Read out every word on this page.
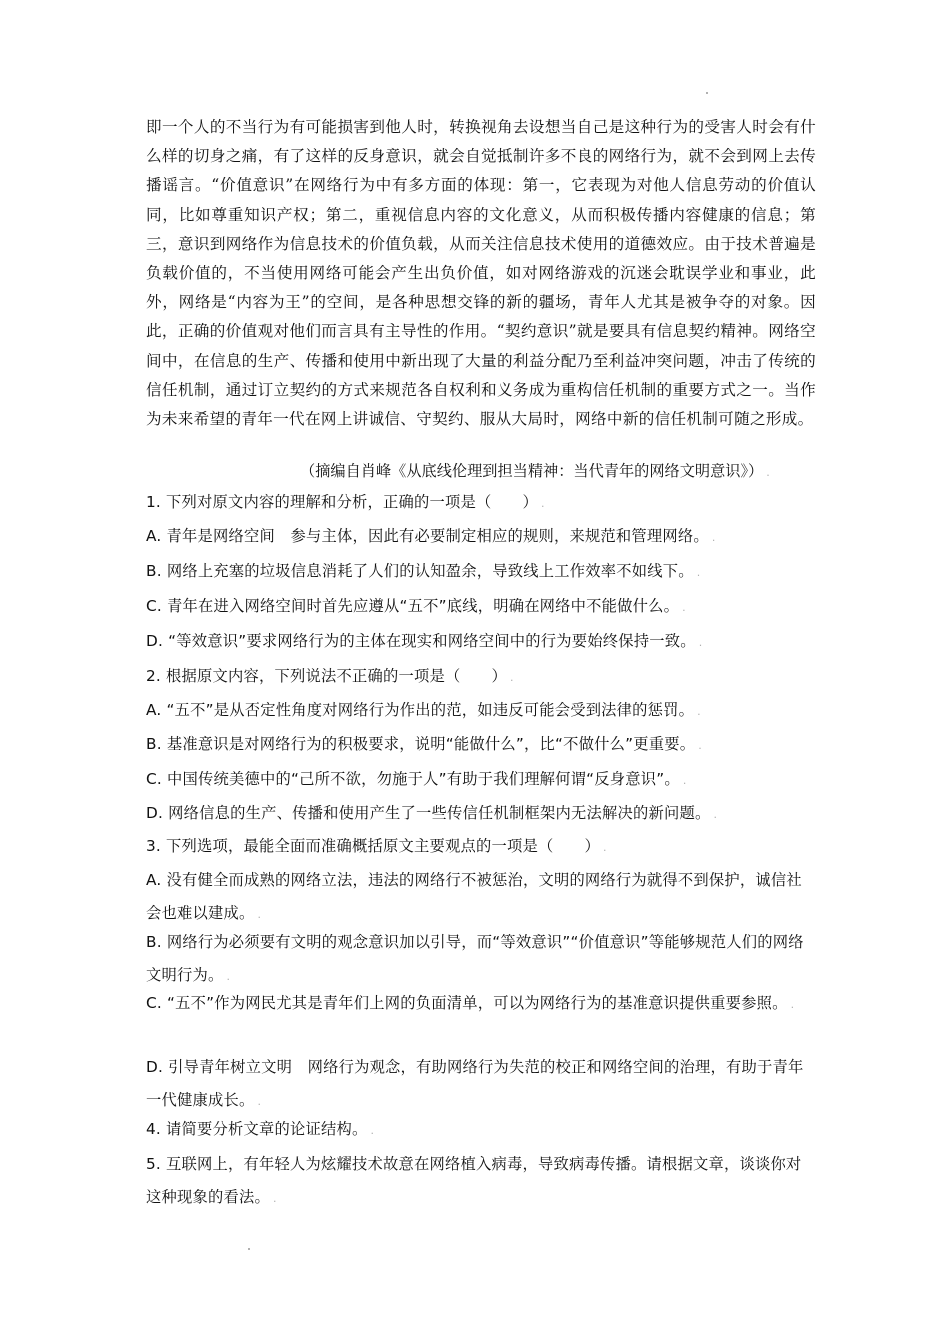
即一个人的不当行为有可能损害到他人时，转换视角去设想当自己是这种行为的受害人时会有什么样的切身之痛，有了这样的反身意识，就会自觉抵制许多不良的网络行为，就不会到网上去传播谣言。“价值意识”在网络行为中有多方面的体现：第一，它表现为对他人信息劳动的价值认同，比如尊重知识产权；第二，重视信息内容的文化意义，从而积极传播内容健康的信息；第三，意识到网络作为信息技术的价值负载，从而关注信息技术使用的道德效应。由于技术普遍是负载价值的，不当使用网络可能会产生出负价值，如对网络游戏的沉迷会耽误学业和事业，此外，网络是“内容为王”的空间，是各种思想交锋的新的疆场，青年人尤其是被争夺的对象。因此，正确的价值观对他们而言具有主导性的作用。“契约意识”就是要具有信息契约精神。网络空间中，在信息的生产、传播和使用中新出现了大量的利益分配乃至利益冲突问题，冲击了传统的信任机制，通过订立契约的方式来规范各自权利和义务成为重构信任机制的重要方式之一。当作为未来希望的青年一代在网上讲诚信、守契约、服从大局时，网络中新的信任机制可随之形成。

（摘编自肖峰《从底线伦理到担当精神：当代青年的网络文明意识》） .

1. 下列对原文内容的理解和分析，正确的一项是（　　） .

A. 青年是网络空间　参与主体，因此有必要制定相应的规则，来规范和管理网络。 .

B. 网络上充塞的垃圾信息消耗了人们的认知盈余，导致线上工作效率不如线下。 .

C. 青年在进入网络空间时首先应遵从“五不”底线，明确在网络中不能做什么。 .

D. “等效意识”要求网络行为的主体在现实和网络空间中的行为要始终保持一致。 .

2. 根据原文内容，下列说法不正确的一项是（　　） .

A. “五不”是从否定性角度对网络行为作出的范，如违反可能会受到法律的惩罚。 .

B. 基准意识是对网络行为的积极要求，说明“能做什么”，比“不做什么”更重要。 .

C. 中国传统美德中的“己所不欲，勿施于人”有助于我们理解何谓“反身意识”。 .

D. 网络信息的生产、传播和使用产生了一些传信任机制框架内无法解决的新问题。 .

3. 下列选项，最能全面而准确概括原文主要观点的一项是（　　） .

A. 没有健全而成熟的网络立法，违法的网络行不被惩治，文明的网络行为就得不到保护，诚信社会也难以建成。 .

B. 网络行为必须要有文明的观念意识加以引导，而“等效意识”“价值意识”等能够规范人们的网络文明行为。 .

C. “五不”作为网民尤其是青年们上网的负面清单，可以为网络行为的基准意识提供重要参照。 .

D. 引导青年树立文明　网络行为观念，有助网络行为失范的校正和网络空间的治理，有助于青年一代健康成长。 .

4. 请简要分析文章的论证结构。 .

5. 互联网上，有年轻人为炫耀技术故意在网络植入病毒，导致病毒传播。请根据文章，谈谈你对这种现象的看法。 .
